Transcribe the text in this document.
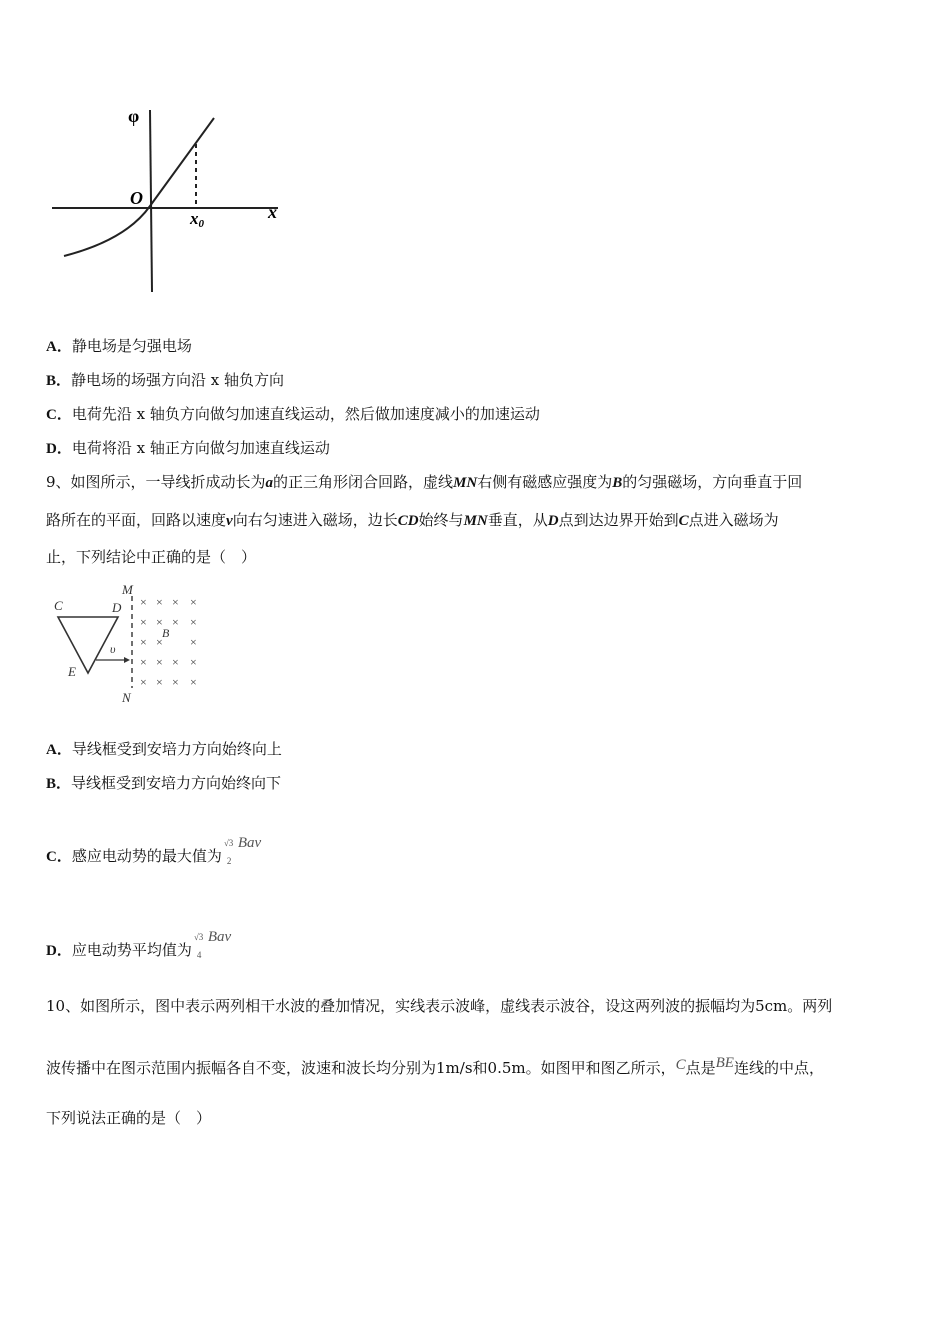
φ
O
x
x0
A．静电场是匀强电场
B．静电场的场强方向沿 x 轴负方向
C．电荷先沿 x 轴负方向做匀加速直线运动，然后做加速度减小的加速运动
D．电荷将沿 x 轴正方向做匀加速直线运动
9、如图所示，一导线折成动长为a的正三角形闭合回路，虚线MN右侧有磁感应强度为B的匀强磁场，方向垂直于回
路所在的平面，回路以速度v向右匀速进入磁场，边长CD始终与MN垂直，从D点到达边界开始到C点进入磁场为
止，下列结论中正确的是（　）
M
N
C	D
E
υ
B
× × × ×
× × × ×
× × ×
× × × ×
× × × ×
A．导线框受到安培力方向始终向上
B．导线框受到安培力方向始终向下
C．感应电动势的最大值为
√3
2
Bav
D．应电动势平均值为
√3
4
Bav
10、如图所示，图中表示两列相干水波的叠加情况，实线表示波峰，虚线表示波谷，设这两列波的振幅均为5cm。两列
波传播中在图示范围内振幅各自不变，波速和波长均分别为1m/s和0.5m。如图甲和图乙所示，C点是BE连线的中点，
下列说法正确的是（　）
